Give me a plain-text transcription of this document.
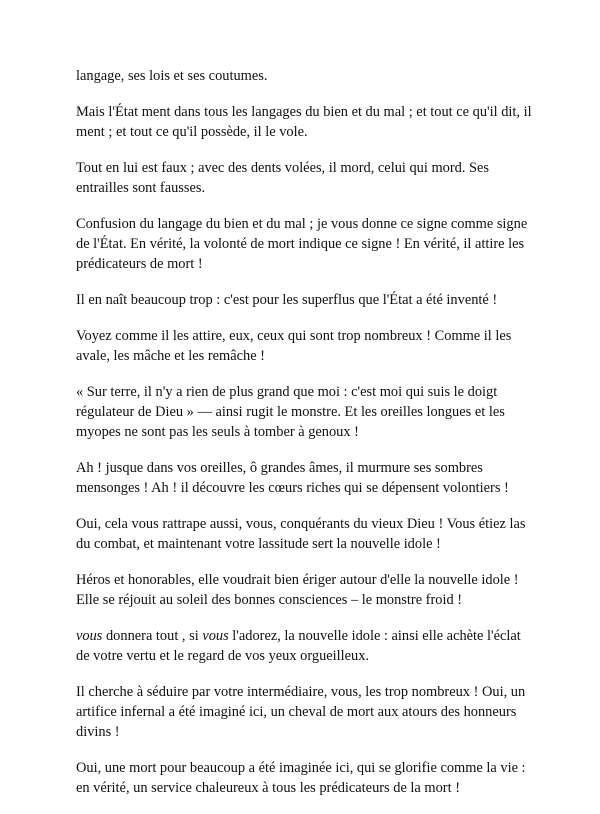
langage, ses lois et ses coutumes.

Mais l'État ment dans tous les langages du bien et du mal ; et tout ce qu'il dit, il ment ; et tout ce qu'il possède, il le vole.

Tout en lui est faux ; avec des dents volées, il mord, celui qui mord. Ses entrailles sont fausses.

Confusion du langage du bien et du mal ; je vous donne ce signe comme signe de l'État. En vérité, la volonté de mort indique ce signe ! En vérité, il attire les prédicateurs de mort !

Il en naît beaucoup trop : c'est pour les superflus que l'État a été inventé !

Voyez comme il les attire, eux, ceux qui sont trop nombreux ! Comme il les avale, les mâche et les remâche !

« Sur terre, il n'y a rien de plus grand que moi : c'est moi qui suis le doigt régulateur de Dieu » — ainsi rugit le monstre. Et les oreilles longues et les myopes ne sont pas les seuls à tomber à genoux !

Ah ! jusque dans vos oreilles, ô grandes âmes, il murmure ses sombres mensonges ! Ah ! il découvre les cœurs riches qui se dépensent volontiers !

Oui, cela vous rattrape aussi, vous, conquérants du vieux Dieu ! Vous étiez las du combat, et maintenant votre lassitude sert la nouvelle idole !

Héros et honorables, elle voudrait bien ériger autour d'elle la nouvelle idole ! Elle se réjouit au soleil des bonnes consciences – le monstre froid !

vous donnera tout , si vous l'adorez, la nouvelle idole : ainsi elle achète l'éclat de votre vertu et le regard de vos yeux orgueilleux.

Il cherche à séduire par votre intermédiaire, vous, les trop nombreux ! Oui, un artifice infernal a été imaginé ici, un cheval de mort aux atours des honneurs divins !

Oui, une mort pour beaucoup a été imaginée ici, qui se glorifie comme la vie : en vérité, un service chaleureux à tous les prédicateurs de la mort !
